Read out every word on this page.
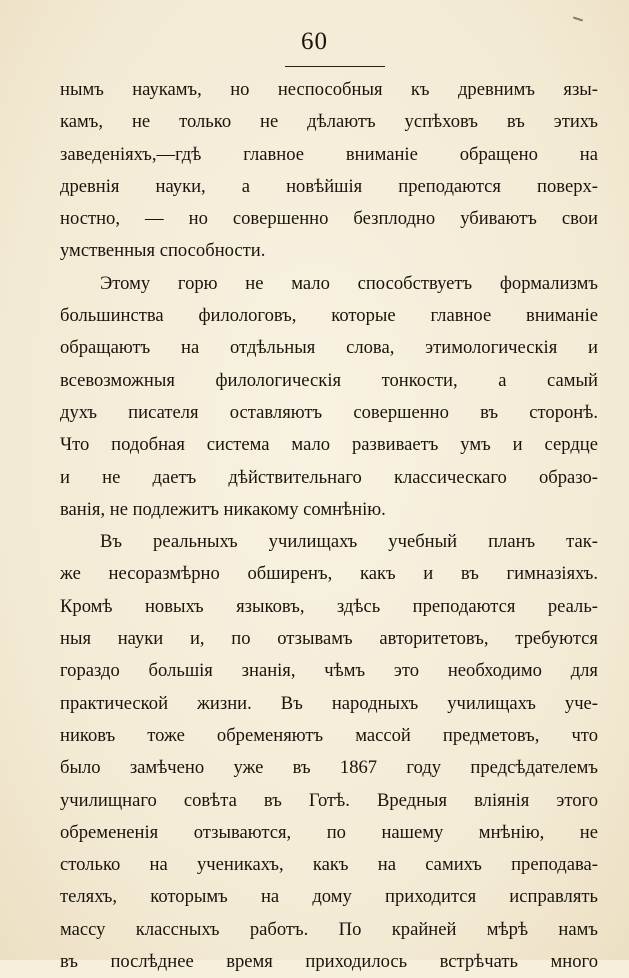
60
нымъ наукамъ, но неспособныя къ древнимъ язы-
камъ, не только не дѣлаютъ успѣховъ въ этихъ
заведеніяхъ,—гдѣ главное вниманіе обращено на
древнія науки, а новѣйшія преподаются поверх-
ностно, — но совершенно безплодно убиваютъ свои
умственныя способности.
Этому горю не мало способствуетъ формализмъ
большинства филологовъ, которые главное вниманіе
обращаютъ на отдѣльныя слова, этимологическія и
всевозможныя филологическія тонкости, а самый
духъ писателя оставляютъ совершенно въ сторонѣ.
Что подобная система мало развиваетъ умъ и сердце
и не даетъ дѣйствительнаго классическаго образо-
ванія, не подлежитъ никакому сомнѣнію.
Въ реальныхъ училищахъ учебный планъ так-
же несоразмѣрно обширенъ, какъ и въ гимназіяхъ.
Кромѣ новыхъ языковъ, здѣсь преподаются реаль-
ныя науки и, по отзывамъ авторитетовъ, требуются
гораздо большія знанія, чѣмъ это необходимо для
практической жизни. Въ народныхъ училищахъ уче-
никовъ тоже обременяютъ массой предметовъ, что
было замѣчено уже въ 1867 году предсѣдателемъ
училищнаго совѣта въ Готѣ. Вредныя вліянія этого
обремененія отзываются, по нашему мнѣнію, не
столько на ученикахъ, какъ на самихъ преподава-
теляхъ, которымъ на дому приходится исправлять
массу классныхъ работъ. По крайней мѣрѣ намъ
въ послѣднее время приходилось встрѣчать много
